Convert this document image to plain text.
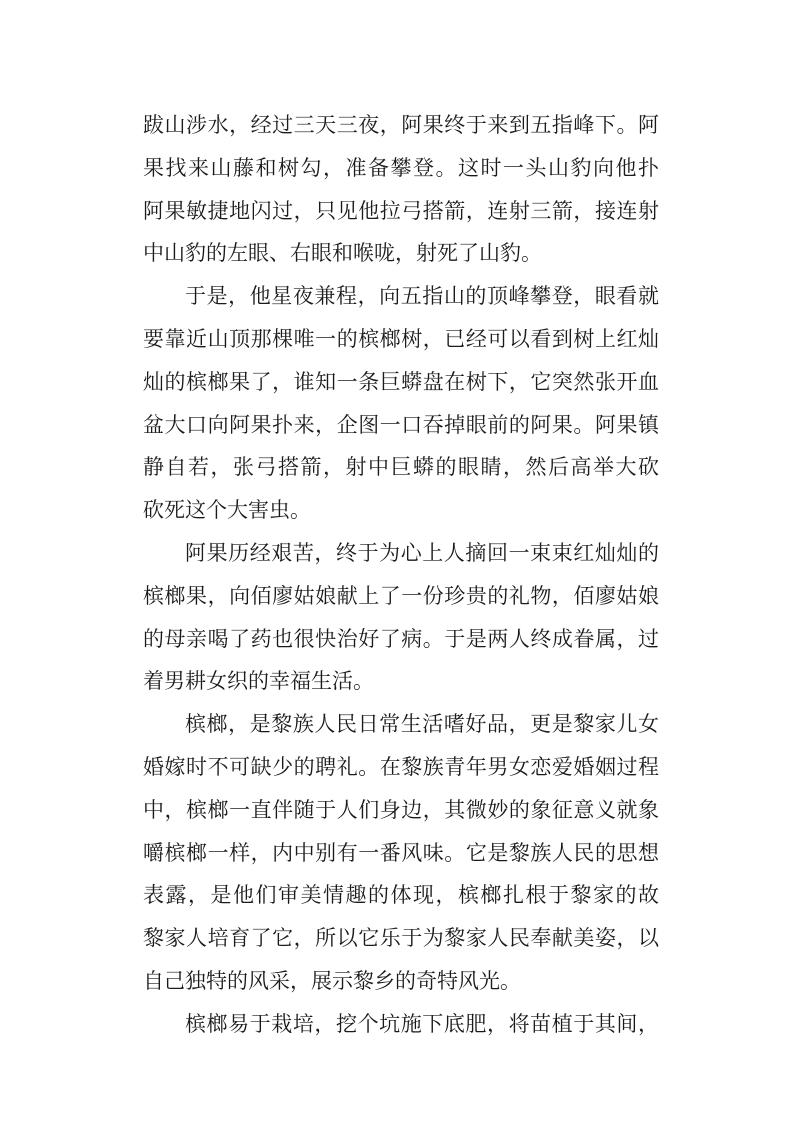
跋山涉水，经过三天三夜，阿果终于来到五指峰下。阿
果找来山藤和树勾，准备攀登。这时一头山豹向他扑
阿果敏捷地闪过，只见他拉弓搭箭，连射三箭，接连射
中山豹的左眼、右眼和喉咙，射死了山豹。
于是，他星夜兼程，向五指山的顶峰攀登，眼看就
要靠近山顶那棵唯一的槟榔树，已经可以看到树上红灿
灿的槟榔果了，谁知一条巨蟒盘在树下，它突然张开血
盆大口向阿果扑来，企图一口吞掉眼前的阿果。阿果镇
静自若，张弓搭箭，射中巨蟒的眼睛，然后高举大砍
砍死这个大害虫。
阿果历经艰苦，终于为心上人摘回一束束红灿灿的
槟榔果，向佰廖姑娘献上了一份珍贵的礼物，佰廖姑娘
的母亲喝了药也很快治好了病。于是两人终成眷属，过
着男耕女织的幸福生活。
槟榔，是黎族人民日常生活嗜好品，更是黎家儿女
婚嫁时不可缺少的聘礼。在黎族青年男女恋爱婚姻过程
中，槟榔一直伴随于人们身边，其微妙的象征意义就象
嚼槟榔一样，内中别有一番风味。它是黎族人民的思想
表露，是他们审美情趣的体现，槟榔扎根于黎家的故
黎家人培育了它，所以它乐于为黎家人民奉献美姿，以
自己独特的风采，展示黎乡的奇特风光。
槟榔易于栽培，挖个坑施下底肥，将苗植于其间，
